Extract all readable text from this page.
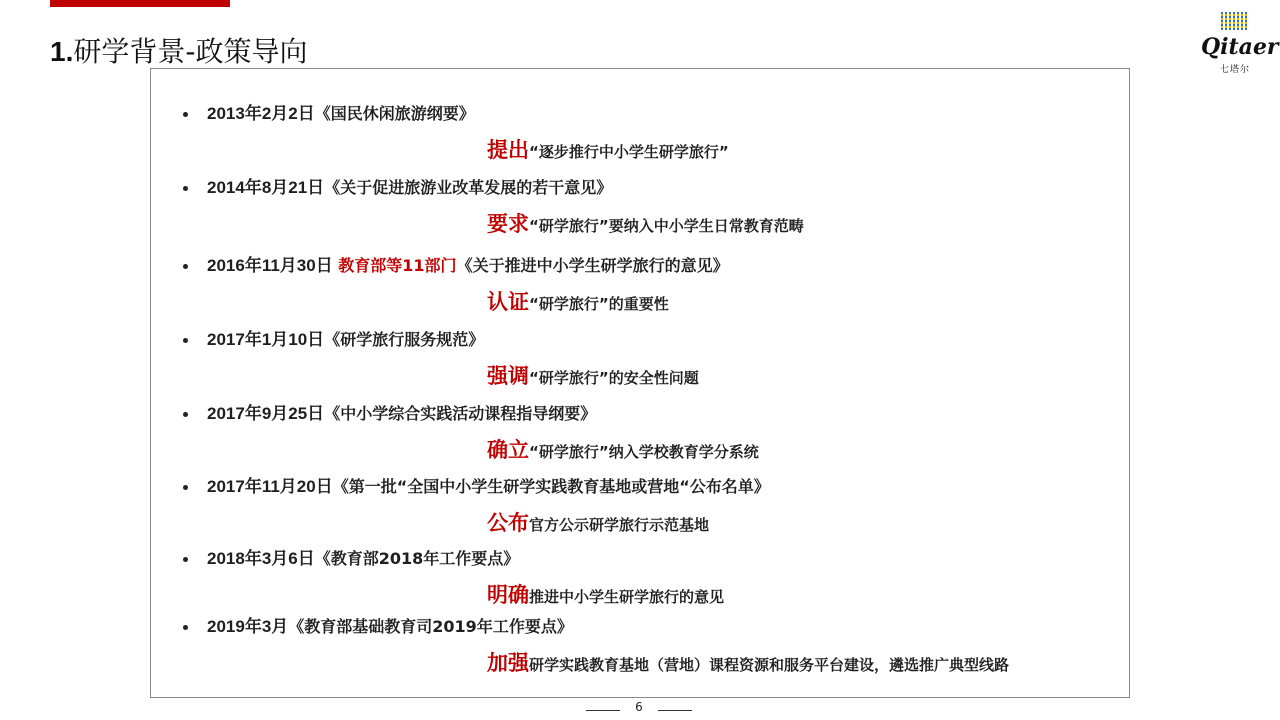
1.研学背景-政策导向	Qitaer
七塔尔
2013年2月2日《国民休闲旅游纲要》
提出“逐步推行中小学生研学旅行”
2014年8月21日《关于促进旅游业改革发展的若干意见》
要求“研学旅行”要纳入中小学生日常教育范畴
2016年11月30日 教育部等11部门《关于推进中小学生研学旅行的意见》
认证“研学旅行”的重要性
2017年1月10日《研学旅行服务规范》
强调“研学旅行”的安全性问题
2017年9月25日《中小学综合实践活动课程指导纲要》
确立“研学旅行”纳入学校教育学分系统
2017年11月20日《第一批“全国中小学生研学实践教育基地或营地“公布名单》
公布官方公示研学旅行示范基地
2018年3月6日《教育部2018年工作要点》
明确推进中小学生研学旅行的意见
2019年3月《教育部基础教育司2019年工作要点》
加强研学实践教育基地（营地）课程资源和服务平台建设，遴选推广典型线路
6
